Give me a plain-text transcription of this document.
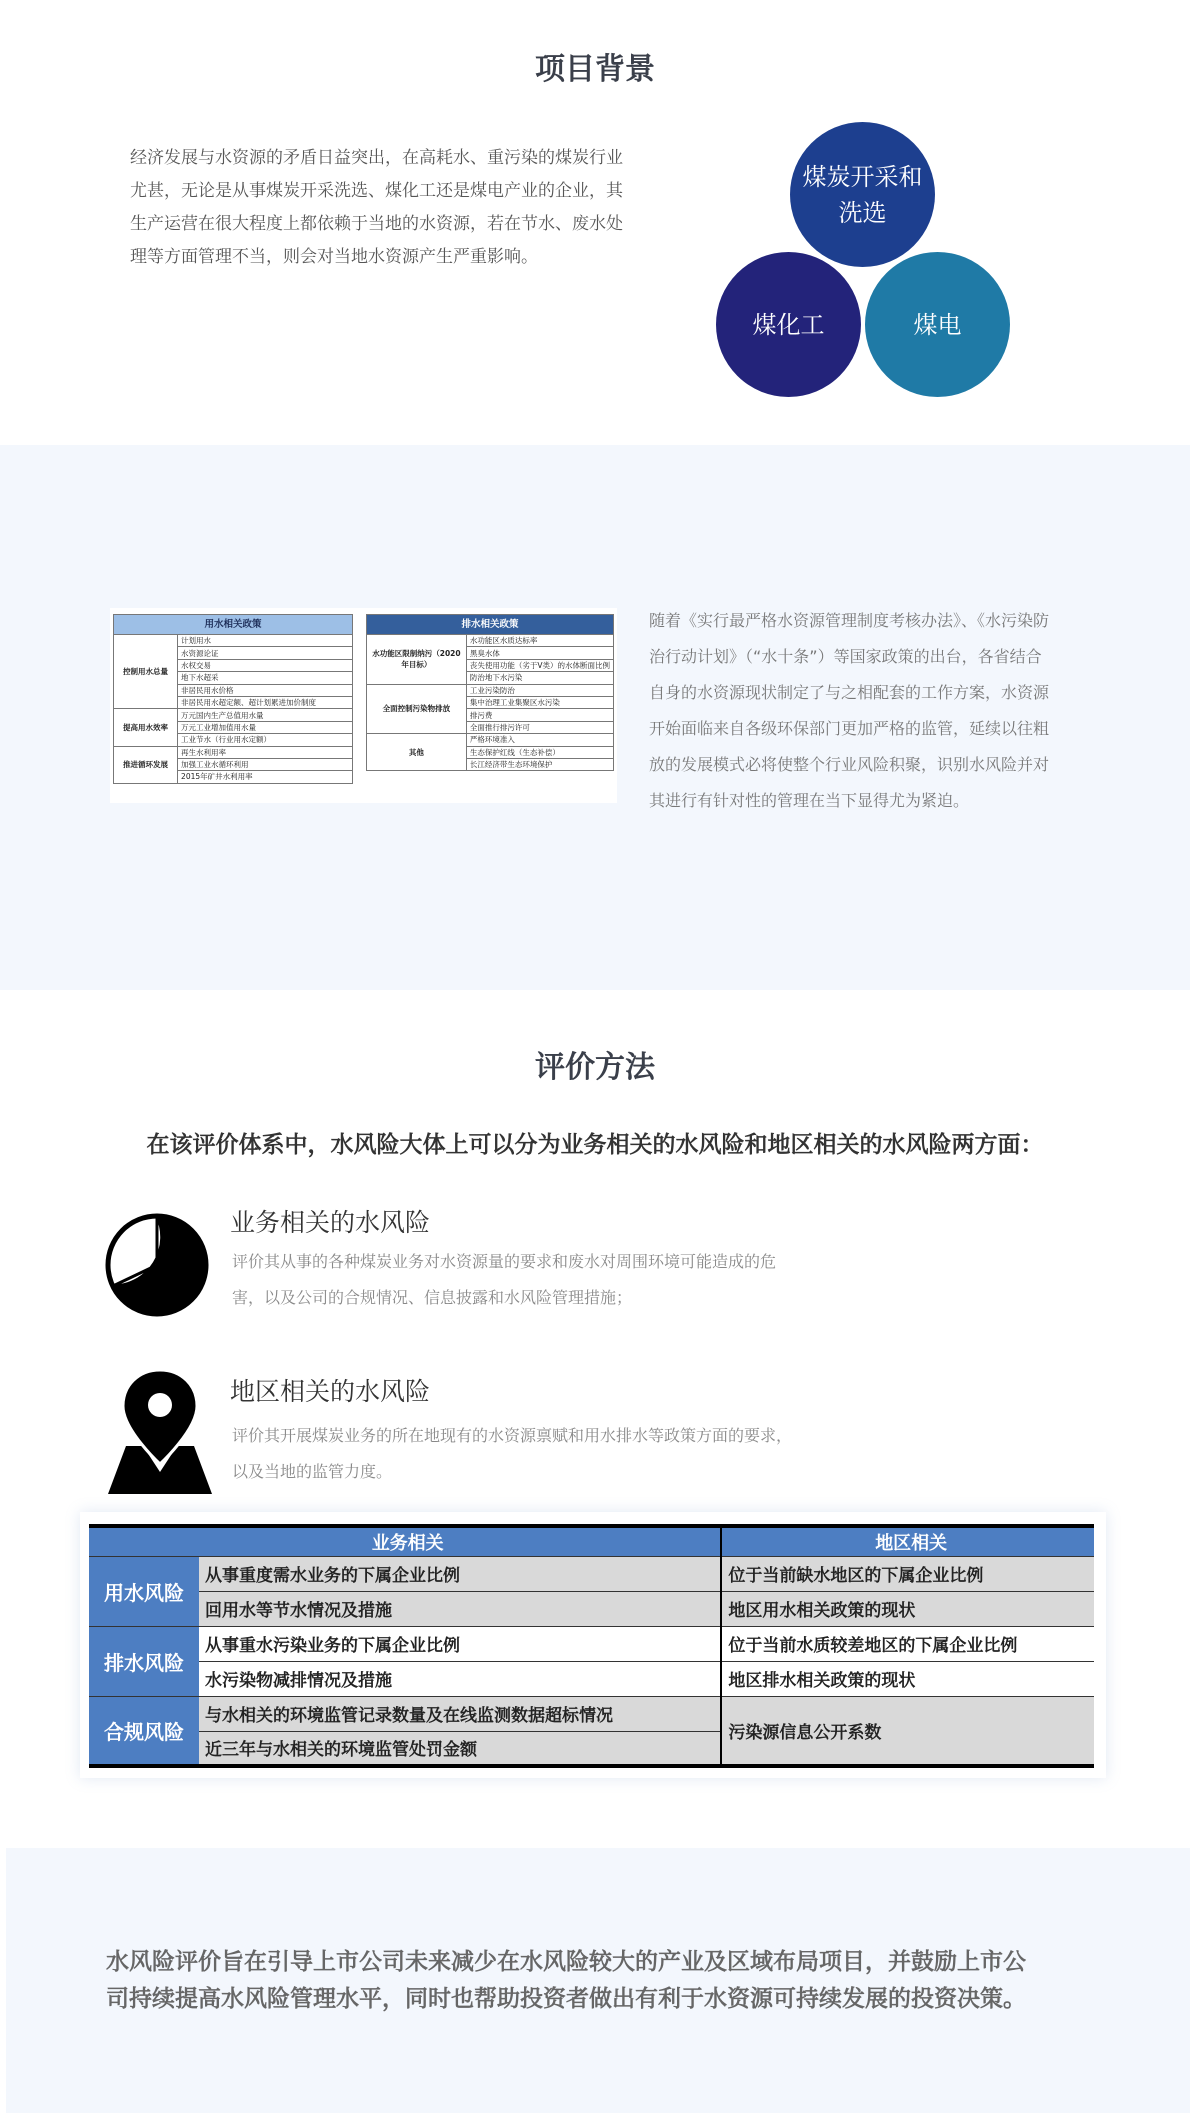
项目背景

经济发展与水资源的矛盾日益突出，在高耗水、重污染的煤炭行业尤甚，无论是从事煤炭开采洗选、煤化工还是煤电产业的企业，其生产运营在很大程度上都依赖于当地的水资源，若在节水、废水处理等方面管理不当，则会对当地水资源产生严重影响。

煤炭开采和
洗选
煤化工	煤电
用水相关政策	
控制用水总量	计划用水
	水资源论证
	水权交易
	地下水超采
	非居民用水价格
	非居民用水超定额、超计划累进加价制度
提高用水效率	万元国内生产总值用水量
	万元工业增加值用水量
	工业节水（行业用水定额）
推进循环发展	再生水利用率
	加强工业水循环利用
	2015年矿井水利用率
排水相关政策	
水功能区限制纳污（2020年目标）	水功能区水质达标率
	黑臭水体
	丧失使用功能（劣于V类）的水体断面比例
	防治地下水污染
全面控制污染物排放	工业污染防治
	集中治理工业集聚区水污染
	排污费
	全面推行排污许可
其他	严格环境准入
	生态保护红线（生态补偿）
	长江经济带生态环境保护

随着《实行最严格水资源管理制度考核办法》、《水污染防治行动计划》（“水十条”）等国家政策的出台，各省结合自身的水资源现状制定了与之相配套的工作方案，水资源开始面临来自各级环保部门更加严格的监管，延续以往粗放的发展模式必将使整个行业风险积聚，识别水风险并对其进行有针对性的管理在当下显得尤为紧迫。

评价方法
在该评价体系中，水风险大体上可以分为业务相关的水风险和地区相关的水风险两方面：
业务相关的水风险
评价其从事的各种煤炭业务对水资源量的要求和废水对周围环境可能造成的危
害，以及公司的合规情况、信息披露和水风险管理措施；
地区相关的水风险
评价其开展煤炭业务的所在地现有的水资源禀赋和用水排水等政策方面的要求，
以及当地的监管力度。
业务相关		地区相关
用水风险	从事重度需水业务的下属企业比例	位于当前缺水地区的下属企业比例
	回用水等节水情况及措施	地区用水相关政策的现状
排水风险	从事重水污染业务的下属企业比例	位于当前水质较差地区的下属企业比例
	水污染物减排情况及措施	地区排水相关政策的现状
合规风险	与水相关的环境监管记录数量及在线监测数据超标情况	污染源信息公开系数
	近三年与水相关的环境监管处罚金额	
水风险评价旨在引导上市公司未来减少在水风险较大的产业及区域布局项目，并鼓励上市公
司持续提高水风险管理水平，同时也帮助投资者做出有利于水资源可持续发展的投资决策。
